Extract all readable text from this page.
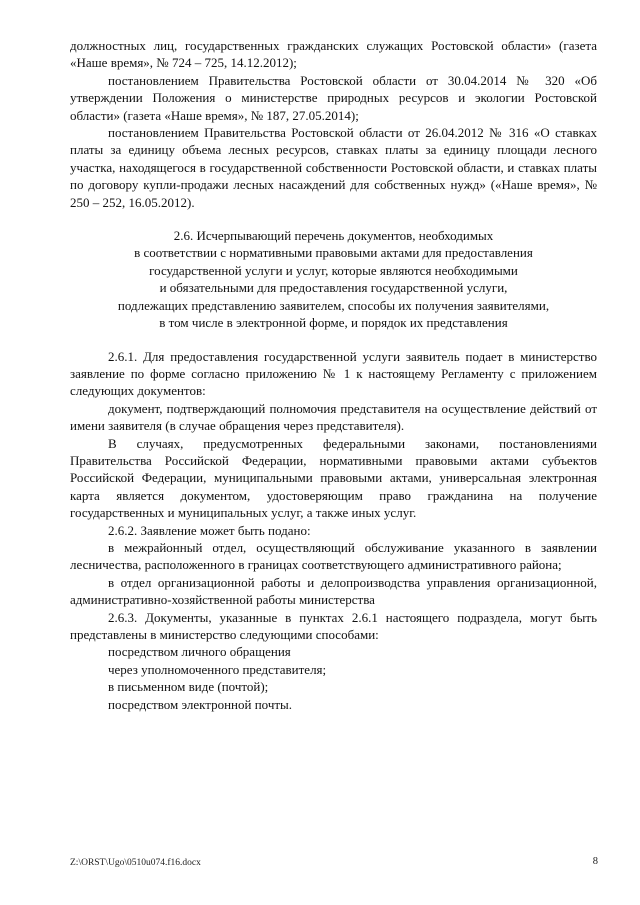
должностных лиц, государственных гражданских служащих Ростовской области» (газета «Наше время», № 724 – 725, 14.12.2012);

постановлением Правительства Ростовской области от 30.04.2014 № 320 «Об утверждении Положения о министерстве природных ресурсов и экологии Ростовской области» (газета «Наше время», № 187, 27.05.2014);

постановлением Правительства Ростовской области от 26.04.2012 № 316 «О ставках платы за единицу объема лесных ресурсов, ставках платы за единицу площади лесного участка, находящегося в государственной собственности Ростовской области, и ставках платы по договору купли-продажи лесных насаждений для собственных нужд» («Наше время», № 250 – 252, 16.05.2012).

2.6. Исчерпывающий перечень документов, необходимых
в соответствии с нормативными правовыми актами для предоставления
государственной услуги и услуг, которые являются необходимыми
и обязательными для предоставления государственной услуги,
подлежащих представлению заявителем, способы их получения заявителями,
в том числе в электронной форме, и порядок их представления

2.6.1. Для предоставления государственной услуги заявитель подает в министерство заявление по форме согласно приложению № 1 к настоящему Регламенту с приложением следующих документов:

документ, подтверждающий полномочия представителя на осуществление действий от имени заявителя (в случае обращения через представителя).

В случаях, предусмотренных федеральными законами, постановлениями Правительства Российской Федерации, нормативными правовыми актами субъектов Российской Федерации, муниципальными правовыми актами, универсальная электронная карта является документом, удостоверяющим право гражданина на получение государственных и муниципальных услуг, а также иных услуг.

2.6.2. Заявление может быть подано:

в межрайонный отдел, осуществляющий обслуживание указанного в заявлении лесничества, расположенного в границах соответствующего административного района;

в отдел организационной работы и делопроизводства управления организационной, административно-хозяйственной работы министерства

2.6.3. Документы, указанные в пунктах 2.6.1 настоящего подраздела, могут быть представлены в министерство следующими способами:

посредством личного обращения

через уполномоченного представителя;

в письменном виде (почтой);

посредством электронной почты.

Z:\ORST\Ugo\0510u074.f16.docx	8
